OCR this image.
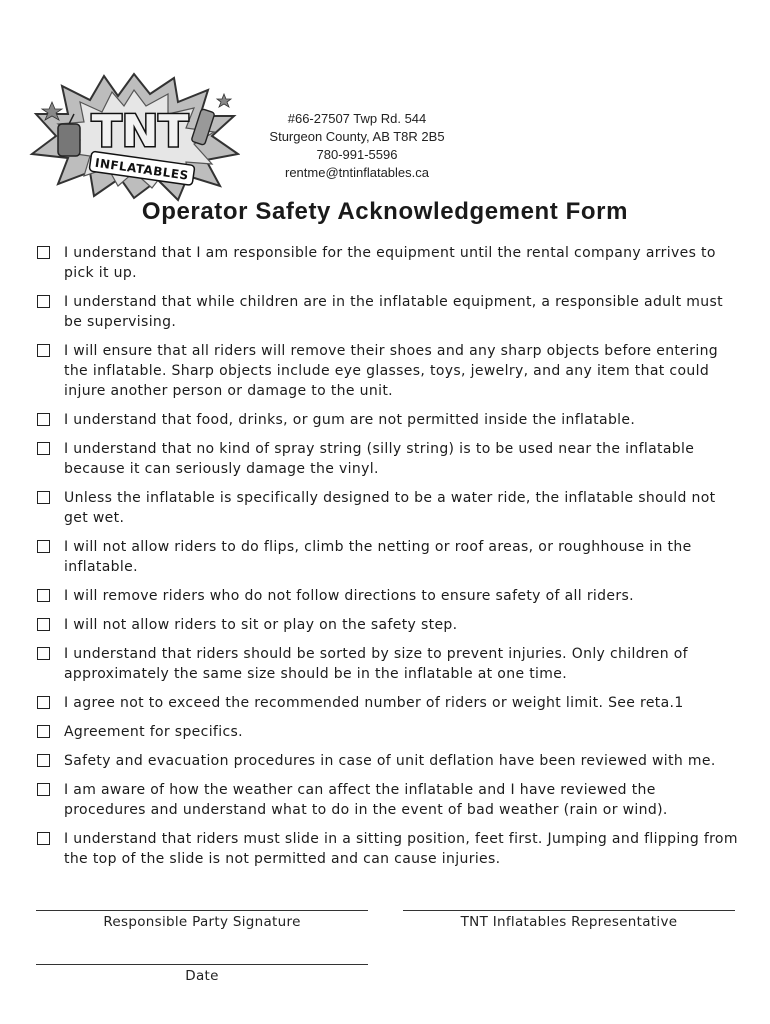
TNT
INFLATABLES
#66-27507 Twp Rd. 544
Sturgeon County, AB T8R 2B5
780-991-5596
rentme@tntinflatables.ca
Operator Safety Acknowledgement Form
I understand that I am responsible for the equipment until the rental company arrives to pick it up.
I understand that while children are in the inflatable equipment, a responsible adult must be supervising.
I will ensure that all riders will remove their shoes and any sharp objects before entering the inflatable. Sharp objects include eye glasses, toys, jewelry, and any item that could injure another person or damage to the unit.
I understand that food, drinks, or gum are not permitted inside the inflatable.
I understand that no kind of spray string (silly string) is to be used near the inflatable because it can seriously damage the vinyl.
Unless the inflatable is specifically designed to be a water ride, the inflatable should not get wet.
I will not allow riders to do flips, climb the netting or roof areas, or roughhouse in the inflatable.
I will remove riders who do not follow directions to ensure safety of all riders.
I will not allow riders to sit or play on the safety step.
I understand that riders should be sorted by size to prevent injuries. Only children of approximately the same size should be in the inflatable at one time.
I agree not to exceed the recommended number of riders or weight limit. See reta.1
Agreement for specifics.
Safety and evacuation procedures in case of unit deflation have been reviewed with me.
I am aware of how the weather can affect the inflatable and I have reviewed the procedures and understand what to do in the event of bad weather (rain or wind).
I understand that riders must slide in a sitting position, feet first. Jumping and flipping from the top of the slide is not permitted and can cause injuries.
Responsible Party Signature	TNT Inflatables Representative
Date
